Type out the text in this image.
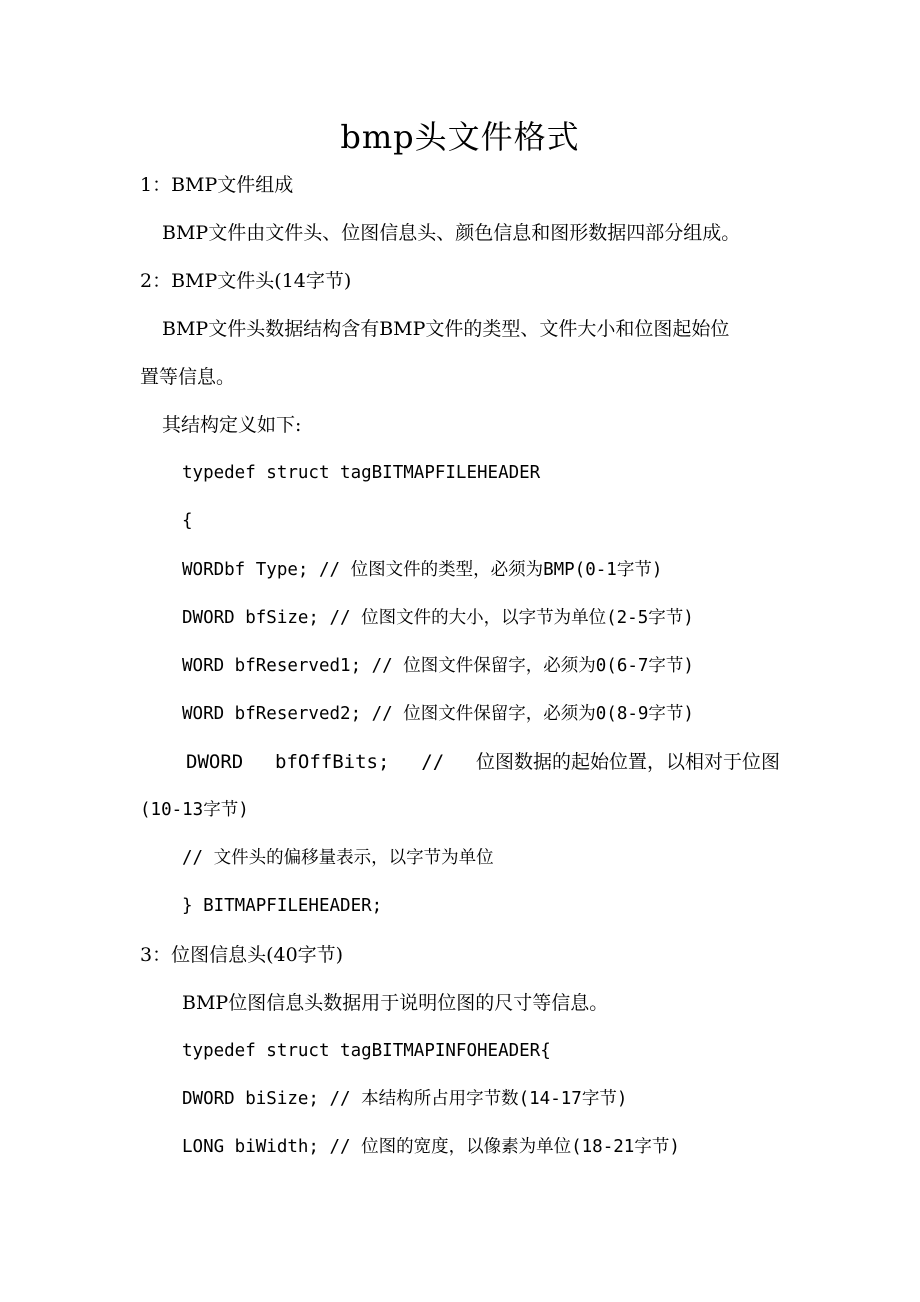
bmp头文件格式
1：BMP文件组成
BMP文件由文件头、位图信息头、颜色信息和图形数据四部分组成。
2：BMP文件头(14字节)
BMP文件头数据结构含有BMP文件的类型、文件大小和位图起始位
置等信息。
其结构定义如下:
typedef struct tagBITMAPFILEHEADER
{
WORDbf Type; // 位图文件的类型，必须为BMP(0-1字节)
DWORD bfSize; // 位图文件的大小，以字节为单位(2-5字节)
WORD bfReserved1; // 位图文件保留字，必须为0(6-7字节)
WORD bfReserved2; // 位图文件保留字，必须为0(8-9字节)
DWORD bfOffBits; // 位图数据的起始位置，以相对于位图
(10-13字节)
// 文件头的偏移量表示，以字节为单位
} BITMAPFILEHEADER;
3：位图信息头(40字节)
BMP位图信息头数据用于说明位图的尺寸等信息。
typedef struct tagBITMAPINFOHEADER{
DWORD biSize; // 本结构所占用字节数(14-17字节)
LONG biWidth; // 位图的宽度，以像素为单位(18-21字节)
